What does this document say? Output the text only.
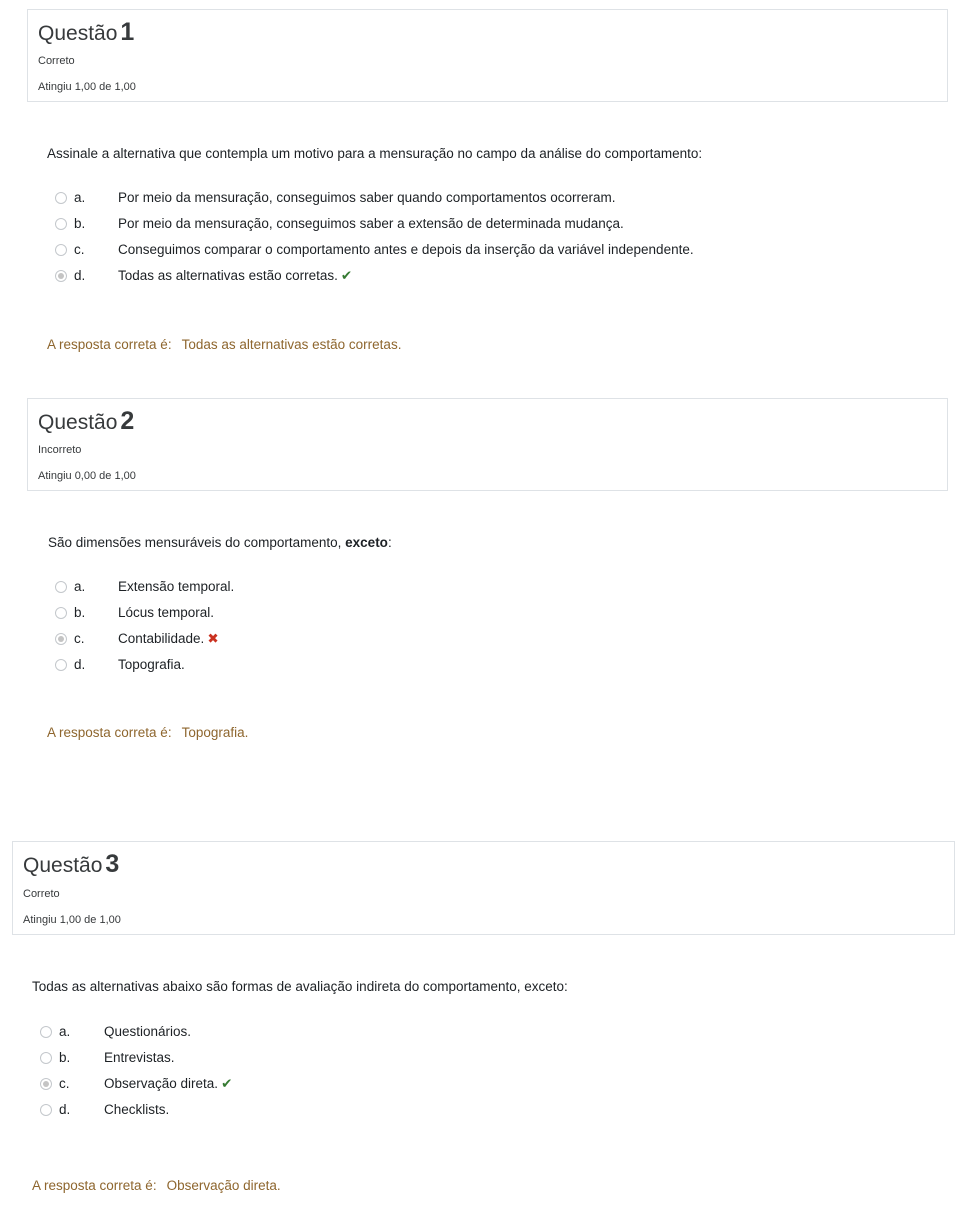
Questão 1
Correto
Atingiu 1,00 de 1,00
Assinale a alternativa que contempla um motivo para a mensuração no campo da análise do comportamento:
a. Por meio da mensuração, conseguimos saber quando comportamentos ocorreram.
b. Por meio da mensuração, conseguimos saber a extensão de determinada mudança.
c. Conseguimos comparar o comportamento antes e depois da inserção da variável independente.
d. Todas as alternativas estão corretas. ✔
A resposta correta é: Todas as alternativas estão corretas.
Questão 2
Incorreto
Atingiu 0,00 de 1,00
São dimensões mensuráveis do comportamento, exceto:
a. Extensão temporal.
b. Lócus temporal.
c. Contabilidade. ✖
d. Topografia.
A resposta correta é: Topografia.
Questão 3
Correto
Atingiu 1,00 de 1,00
Todas as alternativas abaixo são formas de avaliação indireta do comportamento, exceto:
a. Questionários.
b. Entrevistas.
c.	Observação direta. ✔
d. Checklists.
A resposta correta é: Observação direta.
